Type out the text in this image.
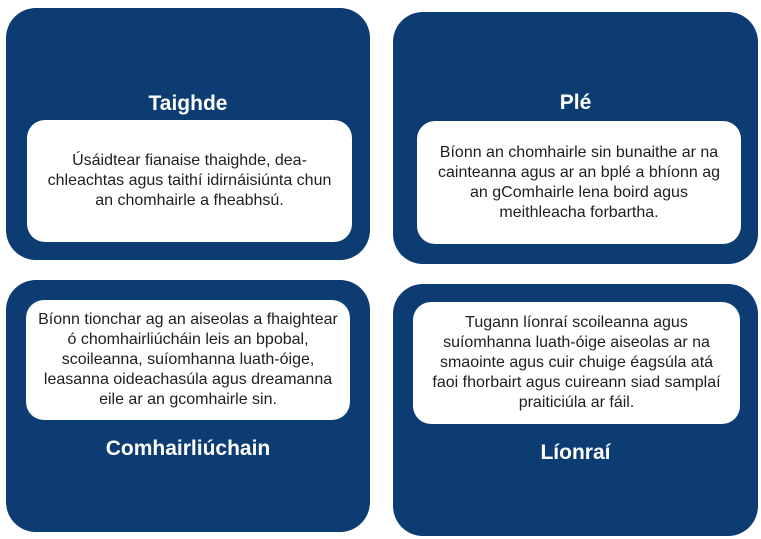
Taighde
Úsáidtear fianaise thaighde, dea-chleachtas agus taithí idirnáisiúnta chun an chomhairle a fheabhsú.
Plé
Bíonn an chomhairle sin bunaithe ar na cainteanna agus ar an bplé a bhíonn ag an gComhairle lena boird agus meithleacha forbartha.
Bíonn tionchar ag an aiseolas a fhaightear ó chomhairliúcháin leis an bpobal, scoileanna, suíomhanna luath-óige, leasanna oideachasúla agus dreamanna eile ar an gcomhairle sin.
Comhairliúchain
Tugann líonraí scoileanna agus suíomhanna luath-óige aiseolas ar na smaointe agus cuir chuige éagsúla atá faoi fhorbairt agus cuireann siad samplaí praiticiúla ar fáil.
Líonraí
